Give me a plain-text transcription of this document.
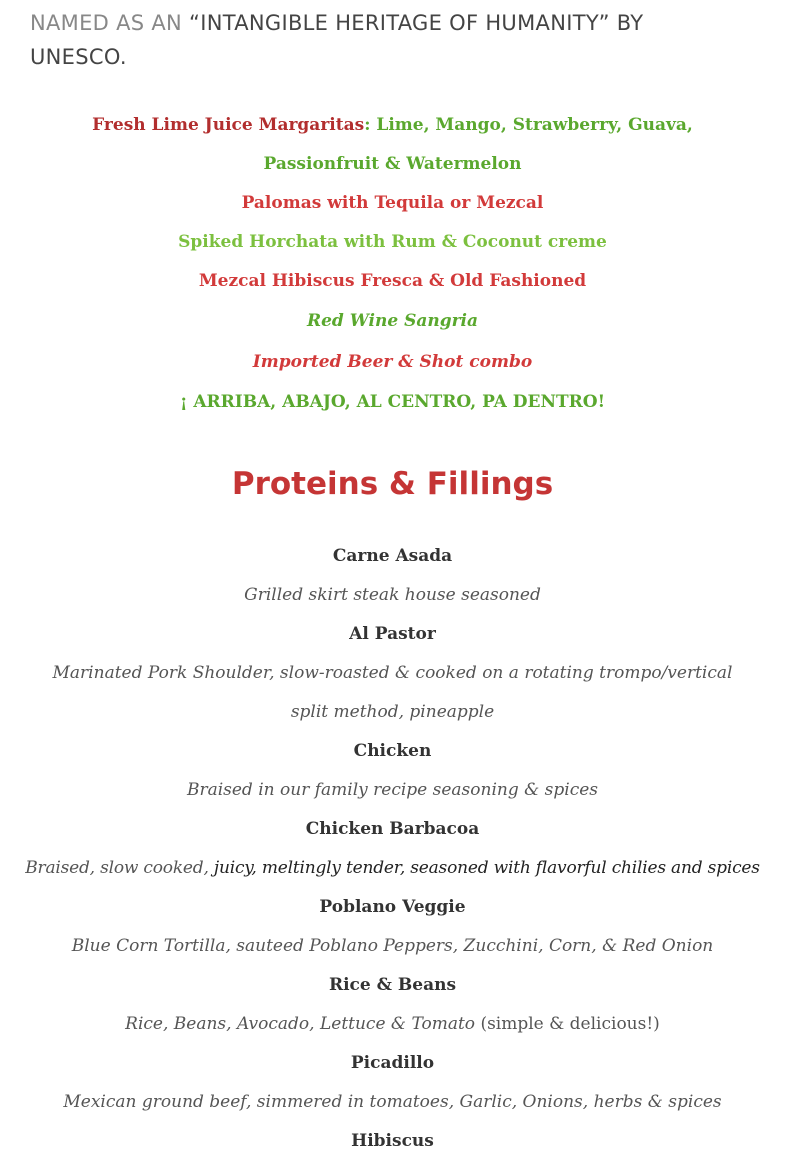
NAMED AS AN “INTANGIBLE HERITAGE OF HUMANITY” BY UNESCO.
Fresh Lime Juice Margaritas: Lime, Mango, Strawberry, Guava, Passionfruit & Watermelon
Palomas with Tequila or Mezcal
Spiked Horchata with Rum & Coconut creme
Mezcal Hibiscus Fresca & Old Fashioned
Red Wine Sangria
Imported Beer & Shot combo
¡ ARRIBA, ABAJO, AL CENTRO, PA DENTRO!
Proteins & Fillings
Carne Asada
Grilled skirt steak house seasoned
Al Pastor
Marinated Pork Shoulder, slow-roasted & cooked on a rotating trompo/vertical split method, pineapple
Chicken
Braised in our family recipe seasoning & spices
Chicken Barbacoa
Braised, slow cooked, juicy, meltingly tender, seasoned with flavorful chilies and spices
Poblano Veggie
Blue Corn Tortilla, sauteed Poblano Peppers, Zucchini, Corn, & Red Onion
Rice & Beans
Rice, Beans, Avocado, Lettuce & Tomato (simple & delicious!)
Picadillo
Mexican ground beef, simmered in tomatoes, Garlic, Onions, herbs & spices
Hibiscus
